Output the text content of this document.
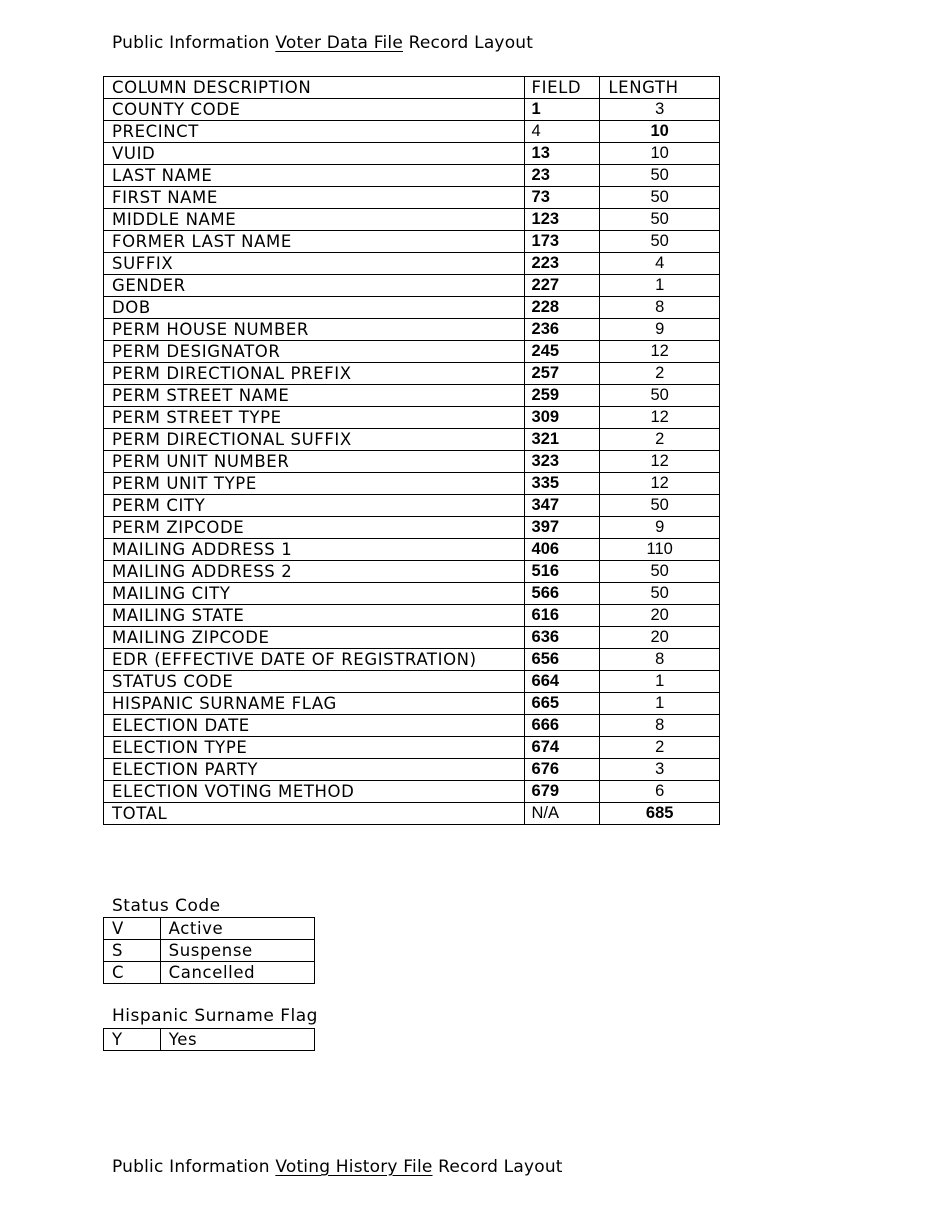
Public Information Voter Data File Record Layout
COLUMN DESCRIPTION	FIELD	LENGTH
COUNTY CODE	1	3
PRECINCT	4	10
VUID	13	10
LAST NAME	23	50
FIRST NAME	73	50
MIDDLE NAME	123	50
FORMER LAST NAME	173	50
SUFFIX	223	4
GENDER	227	1
DOB	228	8
PERM HOUSE NUMBER	236	9
PERM DESIGNATOR	245	12
PERM DIRECTIONAL PREFIX	257	2
PERM STREET NAME	259	50
PERM STREET TYPE	309	12
PERM DIRECTIONAL SUFFIX	321	2
PERM UNIT NUMBER	323	12
PERM UNIT TYPE	335	12
PERM CITY	347	50
PERM ZIPCODE	397	9
MAILING ADDRESS 1	406	110
MAILING ADDRESS 2	516	50
MAILING CITY	566	50
MAILING STATE	616	20
MAILING ZIPCODE	636	20
EDR (EFFECTIVE DATE OF REGISTRATION)	656	8
STATUS CODE	664	1
HISPANIC SURNAME FLAG	665	1
ELECTION DATE	666	8
ELECTION TYPE	674	2
ELECTION PARTY	676	3
ELECTION VOTING METHOD	679	6
TOTAL	N/A	685
Status Code
V	Active
S	Suspense
C	Cancelled
Hispanic Surname Flag
Y	Yes
Public Information Voting History File Record Layout
